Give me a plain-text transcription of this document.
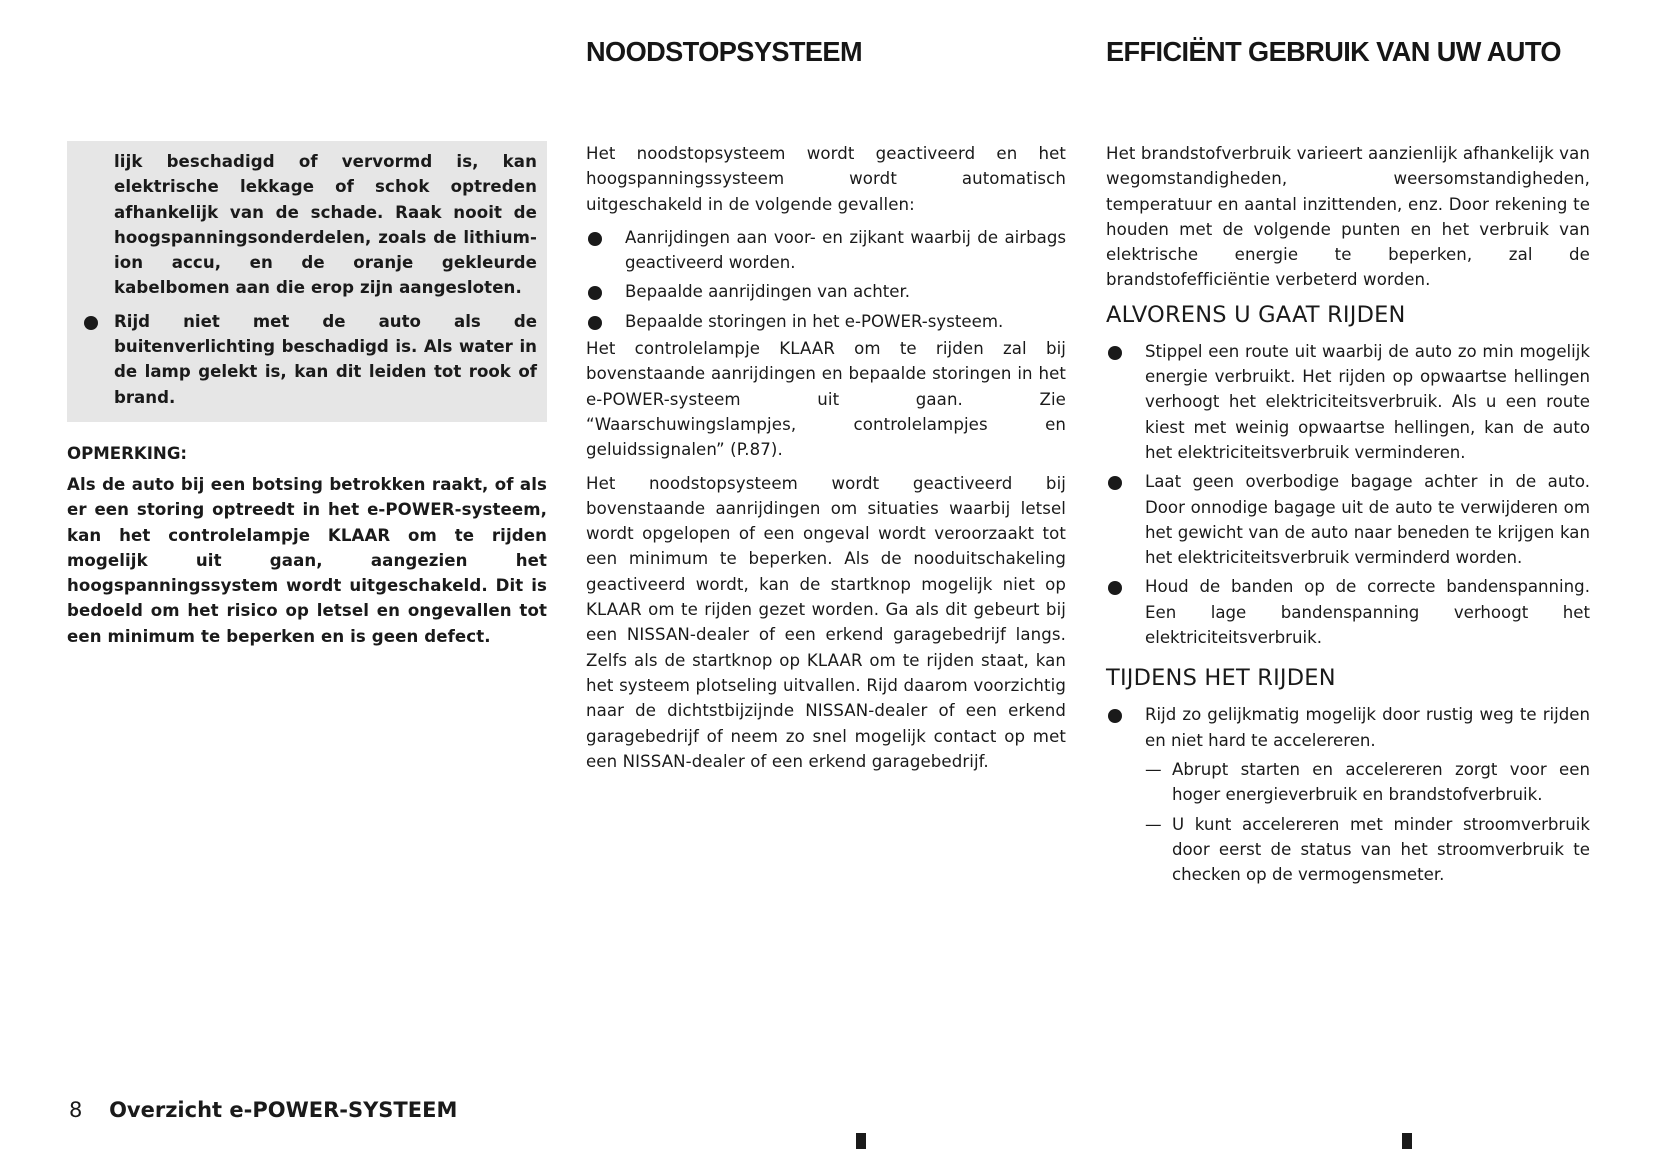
NOODSTOPSYSTEEM	EFFICIËNT GEBRUIK VAN UW AUTO

lijk beschadigd of vervormd is, kan elektrische lekkage of schok optreden afhankelijk van de schade. Raak nooit de hoogspanningsonderdelen, zoals de lithium-ion accu, en de oranje gekleurde kabelbomen aan die erop zijn aangesloten.

Rijd niet met de auto als de buitenverlichting beschadigd is. Als water in de lamp gelekt is, kan dit leiden tot rook of brand.
OPMERKING:

Als de auto bij een botsing betrokken raakt, of als er een storing optreedt in het e-POWER-systeem, kan het controlelampje KLAAR om te rijden mogelijk uit gaan, aangezien het hoogspanningssystem wordt uitgeschakeld. Dit is bedoeld om het risico op letsel en ongevallen tot een minimum te beperken en is geen defect.

Het noodstopsysteem wordt geactiveerd en het hoogspanningssysteem wordt automatisch uitgeschakeld in de volgende gevallen:

Aanrijdingen aan voor- en zijkant waarbij de airbags geactiveerd worden.
Bepaalde aanrijdingen van achter.
Bepaalde storingen in het e-POWER-systeem.

Het controlelampje KLAAR om te rijden zal bij bovenstaande aanrijdingen en bepaalde storingen in het e-POWER-systeem uit gaan. Zie “Waarschuwingslampjes, controlelampjes en geluidssignalen” (P.87).

Het noodstopsysteem wordt geactiveerd bij bovenstaande aanrijdingen om situaties waarbij letsel wordt opgelopen of een ongeval wordt veroorzaakt tot een minimum te beperken. Als de nooduitschakeling geactiveerd wordt, kan de startknop mogelijk niet op KLAAR om te rijden gezet worden. Ga als dit gebeurt bij een NISSAN-dealer of een erkend garagebedrijf langs. Zelfs als de startknop op KLAAR om te rijden staat, kan het systeem plotseling uitvallen. Rijd daarom voorzichtig naar de dichtstbijzijnde NISSAN-dealer of een erkend garagebedrijf of neem zo snel mogelijk contact op met een NISSAN-dealer of een erkend garagebedrijf.

Het brandstofverbruik varieert aanzienlijk afhankelijk van wegomstandigheden, weersomstandigheden, temperatuur en aantal inzittenden, enz. Door rekening te houden met de volgende punten en het verbruik van elektrische energie te beperken, zal de brandstofefficiëntie verbeterd worden.

ALVORENS U GAAT RIJDEN
Stippel een route uit waarbij de auto zo min mogelijk energie verbruikt. Het rijden op opwaartse hellingen verhoogt het elektriciteitsverbruik. Als u een route kiest met weinig opwaartse hellingen, kan de auto het elektriciteitsverbruik verminderen.
Laat geen overbodige bagage achter in de auto. Door onnodige bagage uit de auto te verwijderen om het gewicht van de auto naar beneden te krijgen kan het elektriciteitsverbruik verminderd worden.
Houd de banden op de correcte bandenspanning. Een lage bandenspanning verhoogt het elektriciteitsverbruik.
TIJDENS HET RIJDEN
Rijd zo gelijkmatig mogelijk door rustig weg te rijden en niet hard te accelereren.
— Abrupt starten en accelereren zorgt voor een hoger energieverbruik en brandstofverbruik.
— U kunt accelereren met minder stroomverbruik door eerst de status van het stroomverbruik te checken op de vermogensmeter.
8 Overzicht e-POWER-SYSTEEM
